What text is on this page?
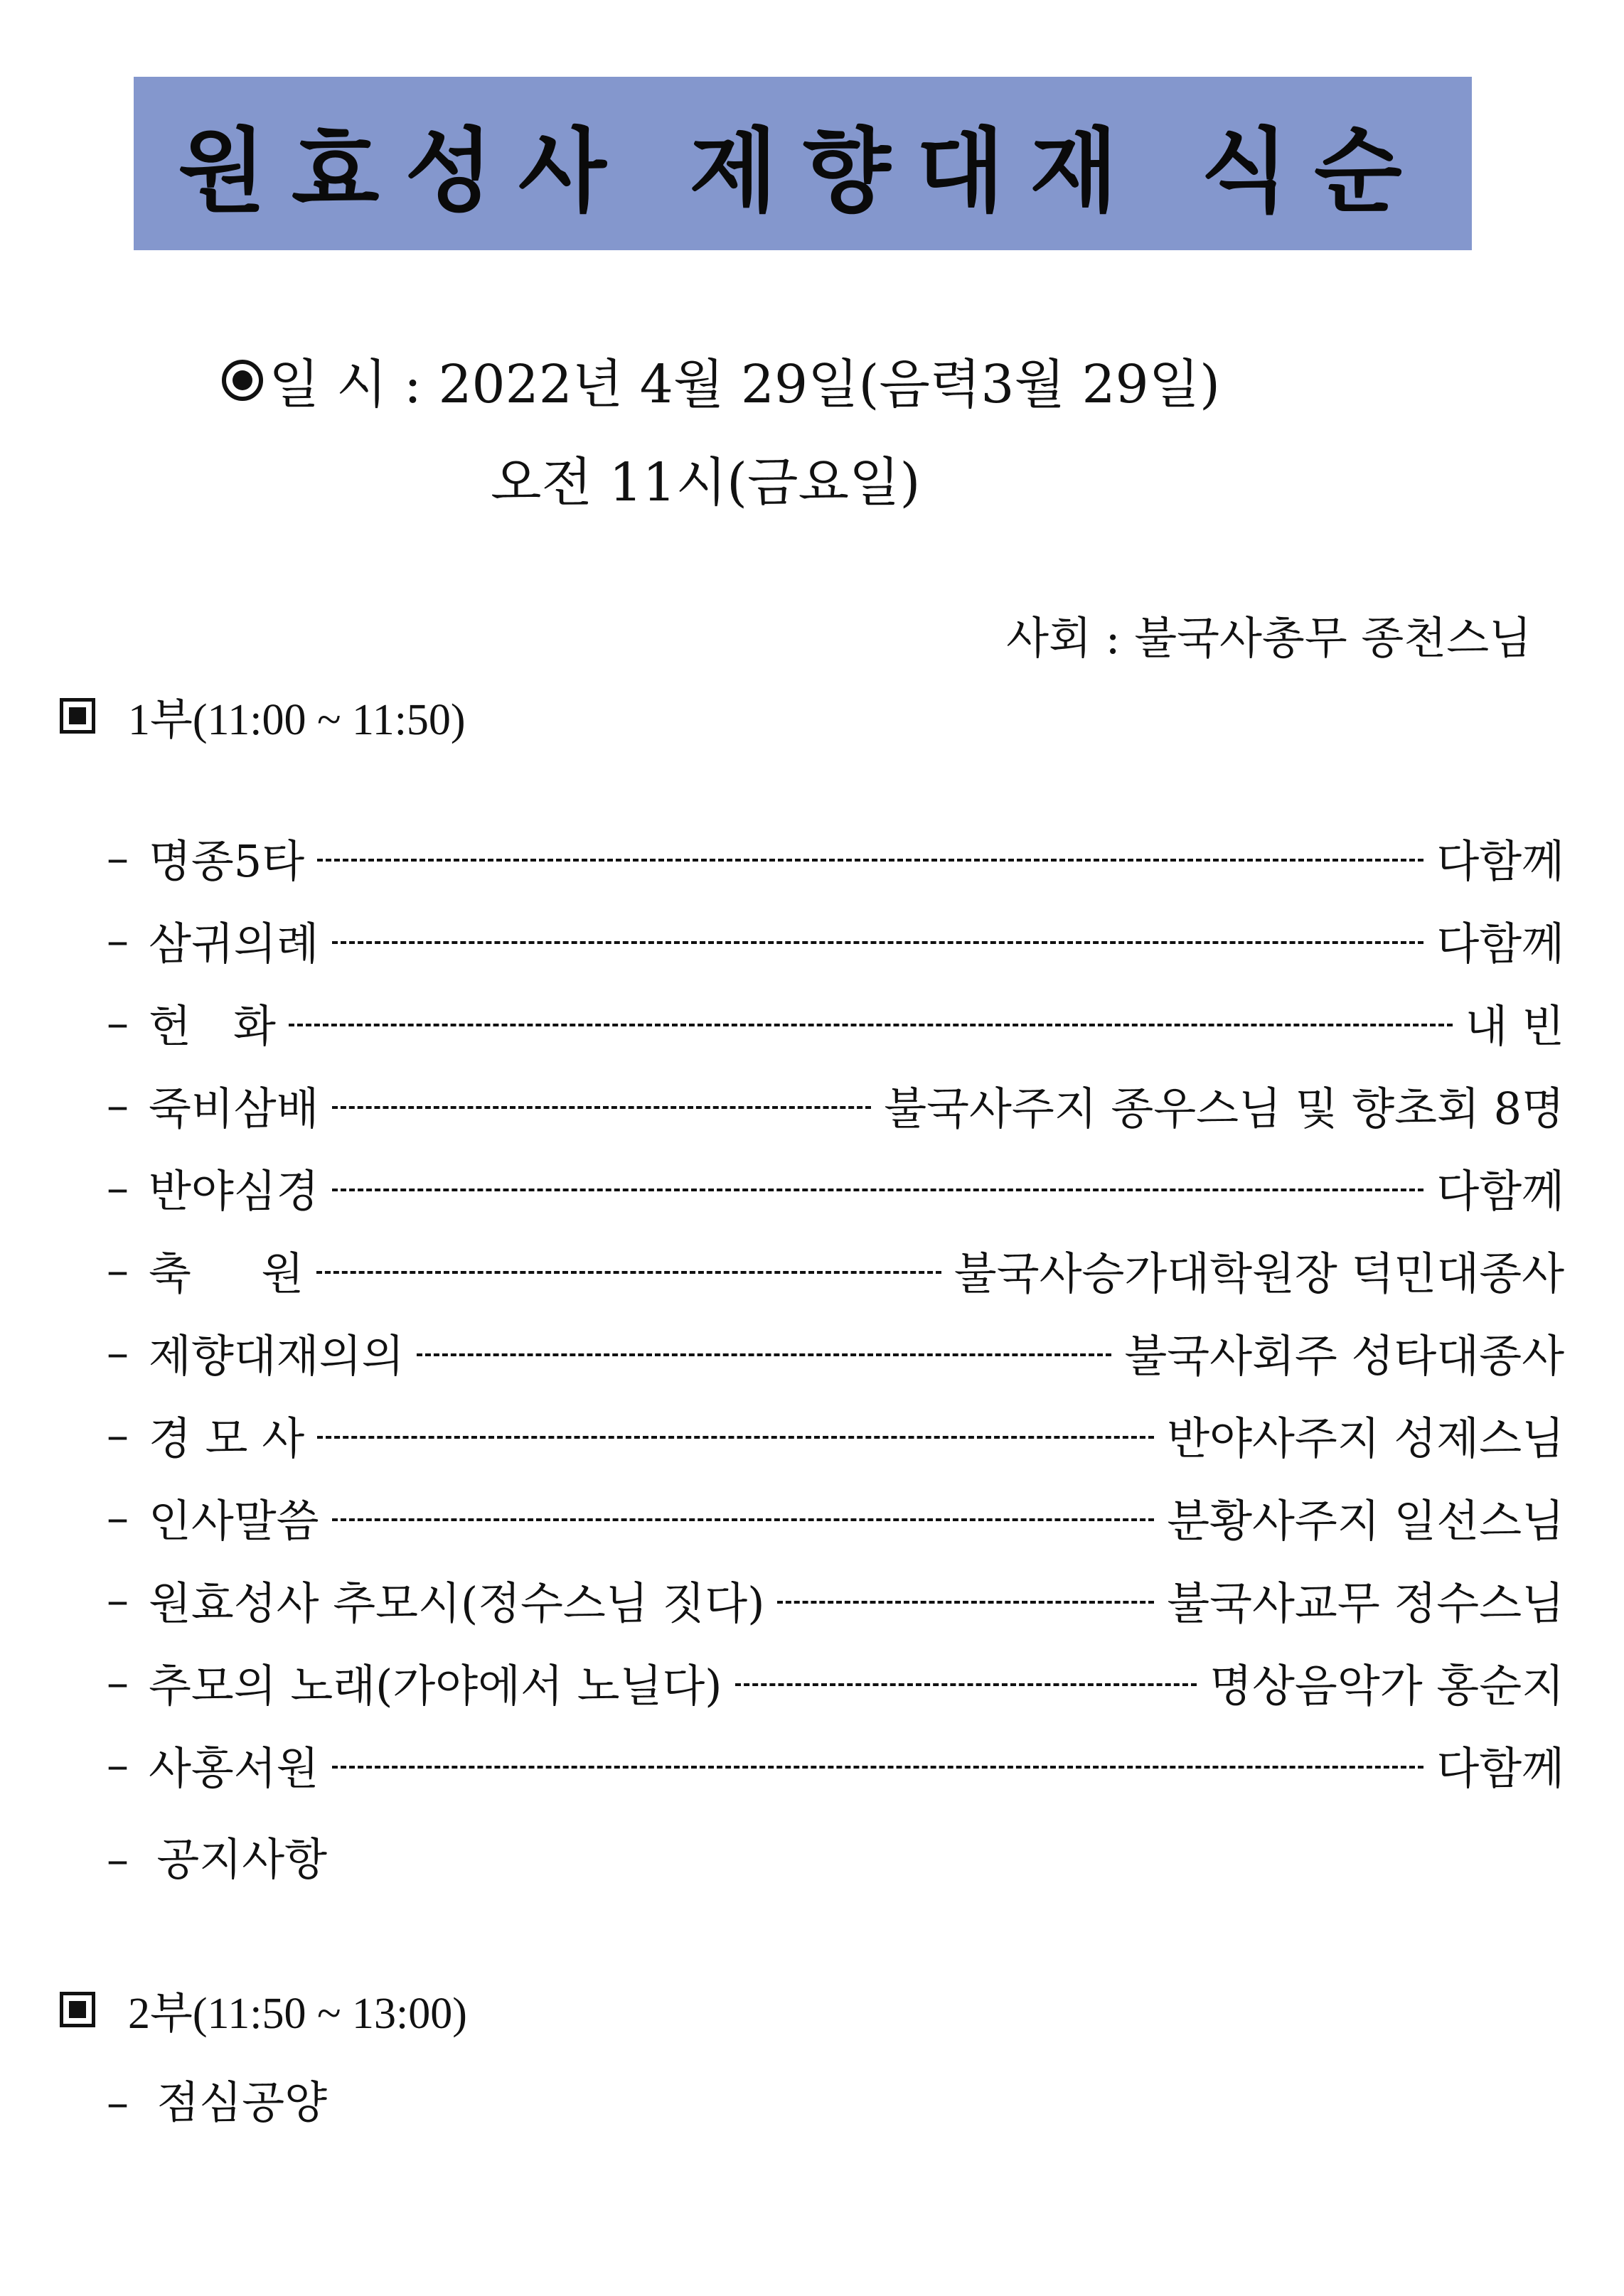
원효성사 제향대재 식순
일 시 : 2022년 4월 29일(음력3월 29일)
오전 11시(금요일)
사회 : 불국사총무 종천스님
1부(11:00 ~ 11:50)
– 명종5타	다함께
– 삼귀의례	다함께
– 헌   화	내 빈
– 죽비삼배	불국사주지 종우스님 및 향초회 8명
– 반야심경	다함께
– 축     원	불국사승가대학원장 덕민대종사
– 제향대재의의	불국사회주 성타대종사
– 경 모 사	반야사주지 성제스님
– 인사말씀	분황사주지 일선스님
– 원효성사 추모시(정수스님 짓다)	불국사교무 정수스님
– 추모의 노래(가야에서 노닐다)	명상음악가 홍순지
– 사홍서원	다함께
–  공지사항
2부(11:50 ~ 13:00)
–  점심공양
